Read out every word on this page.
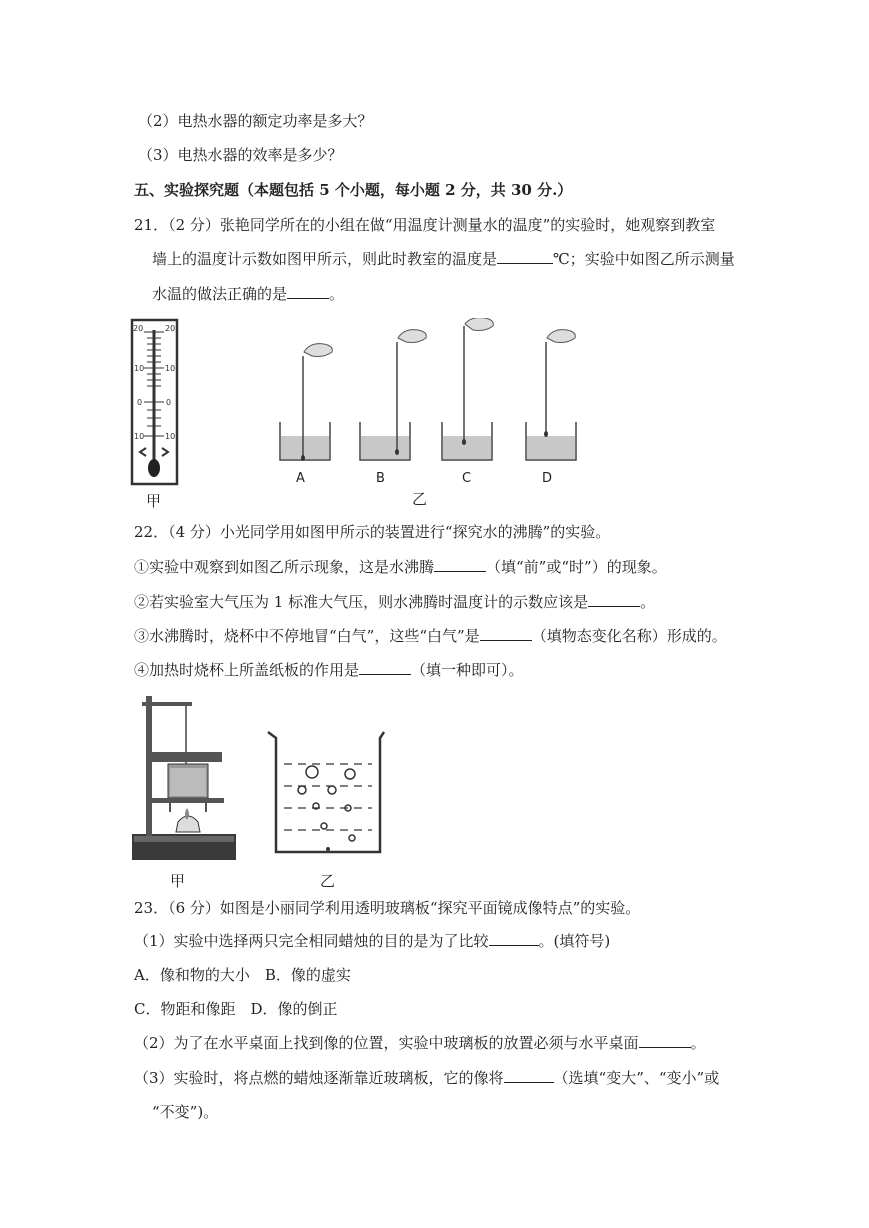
（2）电热水器的额定功率是多大？
（3）电热水器的效率是多少？
五、实验探究题（本题包括 5 个小题，每小题 2 分，共 30 分.）
21．（2 分）张艳同学所在的小组在做“用温度计测量水的温度”的实验时，她观察到教室
墙上的温度计示数如图甲所示，则此时教室的温度是	℃；实验中如图乙所示测量
水温的做法正确的是	。
20	20
10	10
0	0
10	10
甲
A	B	C	D
乙
22．（4 分）小光同学用如图甲所示的装置进行“探究水的沸腾”的实验。
①实验中观察到如图乙所示现象，这是水沸腾	（填“前”或“时”）的现象。
②若实验室大气压为 1 标准大气压，则水沸腾时温度计的示数应该是	。
③水沸腾时，烧杯中不停地冒“白气”，这些“白气”是	（填物态变化名称）形成的。
④加热时烧杯上所盖纸板的作用是	（填一种即可）。
甲	乙
23．（6 分）如图是小丽同学利用透明玻璃板“探究平面镜成像特点”的实验。
（1）实验中选择两只完全相同蜡烛的目的是为了比较	。(填符号)
A．像和物的大小　B．像的虚实
C．物距和像距　D．像的倒正
（2）为了在水平桌面上找到像的位置，实验中玻璃板的放置必须与水平桌面	。
（3）实验时，将点燃的蜡烛逐渐靠近玻璃板，它的像将	（选填“变大”、“变小”或
“不变”)。
